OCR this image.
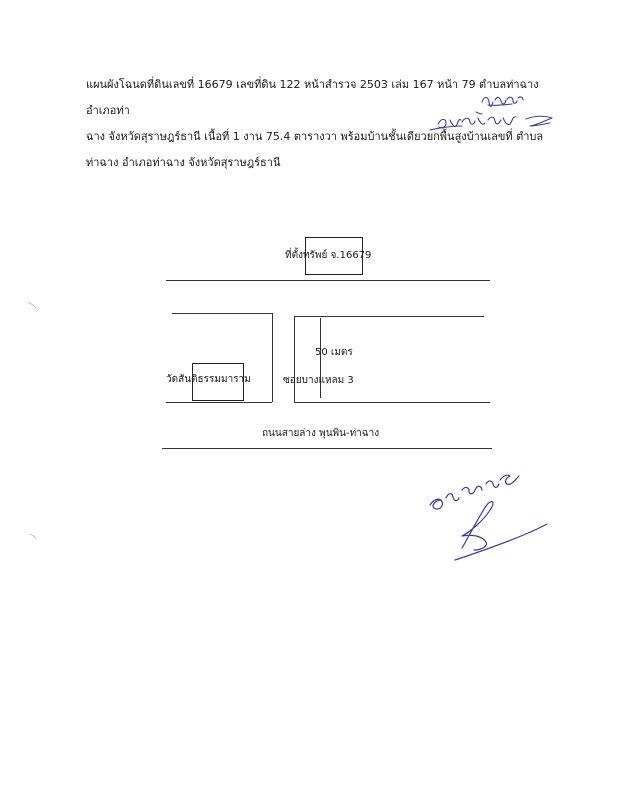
แผนผังโฉนดที่ดินเลขที่ 16679 เลขที่ดิน 122 หน้าสำรวจ 2503 เล่ม 167 หน้า 79 ตำบลท่าฉาง อำเภอท่า
ฉาง จังหวัดสุราษฎร์ธานี เนื้อที่ 1 งาน 75.4 ตารางวา พร้อมบ้านชั้นเดียวยกพื้นสูงบ้านเลขที่ ตำบล
ท่าฉาง อำเภอท่าฉาง จังหวัดสุราษฎร์ธานี
ที่ตั้งทรัพย์ จ.16679
50 เมตร
วัดสันติธรรมมาราม	ซอยบางแหลม 3
ถนนสายล่าง พุนพิน-ท่าฉาง
